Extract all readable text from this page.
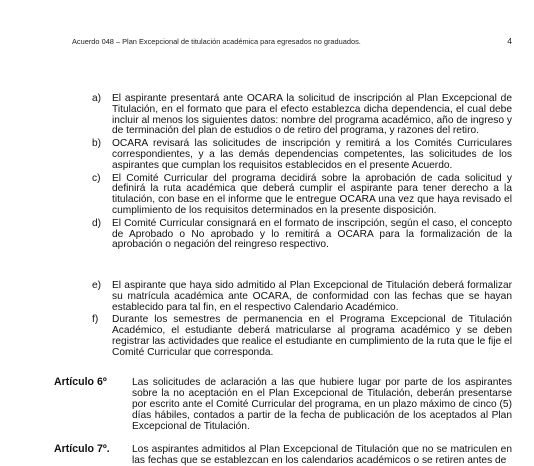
Acuerdo 048 – Plan Excepcional de titulación académica para egresados no graduados.	4
a) El aspirante presentará ante OCARA la solicitud de inscripción al Plan Excepcional de Titulación, en el formato que para el efecto establezca dicha dependencia, el cual debe incluir al menos los siguientes datos: nombre del programa académico, año de ingreso y de terminación del plan de estudios o de retiro del programa, y razones del retiro.
b) OCARA revisará las solicitudes de inscripción y remitirá a los Comités Curriculares correspondientes, y a las demás dependencias competentes, las solicitudes de los aspirantes que cumplan los requisitos establecidos en el presente Acuerdo.
c) El Comité Curricular del programa decidirá sobre la aprobación de cada solicitud y definirá la ruta académica que deberá cumplir el aspirante para tener derecho a la titulación, con base en el informe que le entregue OCARA una vez que haya revisado el cumplimiento de los requisitos determinados en la presente disposición.
d) El Comité Curricular consignará en el formato de inscripción, según el caso, el concepto de Aprobado o No aprobado y lo remitirá a OCARA para la formalización de la aprobación o negación del reingreso respectivo.
e) El aspirante que haya sido admitido al Plan Excepcional de Titulación deberá formalizar su matrícula académica ante OCARA, de conformidad con las fechas que se hayan establecido para tal fin, en el respectivo Calendario Académico.
f) Durante los semestres de permanencia en el Programa Excepcional de Titulación Académico, el estudiante deberá matricularse al programa académico y se deben registrar las actividades que realice el estudiante en cumplimiento de la ruta que le fije el Comité Curricular que corresponda.
Artículo 6º Las solicitudes de aclaración a las que hubiere lugar por parte de los aspirantes sobre la no aceptación en el Plan Excepcional de Titulación, deberán presentarse por escrito ante el Comité Curricular del programa, en un plazo máximo de cinco (5) días hábiles, contados a partir de la fecha de publicación de los aceptados al Plan Excepcional de Titulación.
Artículo 7º. Los aspirantes admitidos al Plan Excepcional de Titulación que no se matriculen en las fechas que se establezcan en los calendarios académicos o se retiren antes de
